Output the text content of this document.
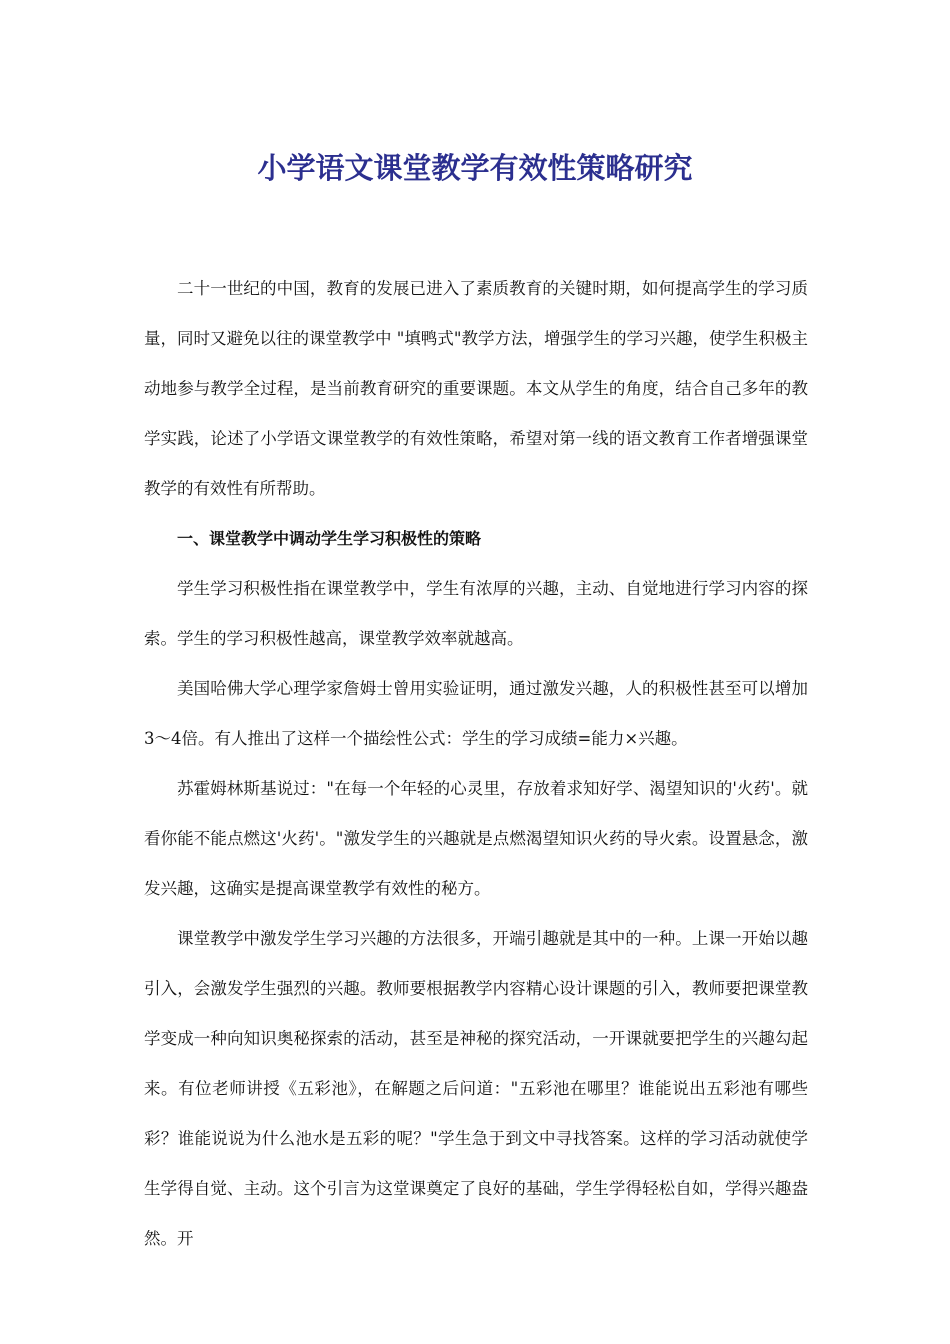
小学语文课堂教学有效性策略研究

二十一世纪的中国，教育的发展已进入了素质教育的关键时期，如何提高学生的学习质量，同时又避免以往的课堂教学中 "填鸭式"教学方法，增强学生的学习兴趣，使学生积极主动地参与教学全过程，是当前教育研究的重要课题。本文从学生的角度，结合自己多年的教学实践，论述了小学语文课堂教学的有效性策略，希望对第一线的语文教育工作者增强课堂教学的有效性有所帮助。

一、课堂教学中调动学生学习积极性的策略

学生学习积极性指在课堂教学中，学生有浓厚的兴趣，主动、自觉地进行学习内容的探索。学生的学习积极性越高，课堂教学效率就越高。

美国哈佛大学心理学家詹姆士曾用实验证明，通过激发兴趣，人的积极性甚至可以增加3～4倍。有人推出了这样一个描绘性公式：学生的学习成绩=能力×兴趣。

苏霍姆林斯基说过："在每一个年轻的心灵里，存放着求知好学、渴望知识的'火药'。就看你能不能点燃这'火药'。"激发学生的兴趣就是点燃渴望知识火药的导火索。设置悬念，激发兴趣，这确实是提高课堂教学有效性的秘方。

课堂教学中激发学生学习兴趣的方法很多，开端引趣就是其中的一种。上课一开始以趣引入，会激发学生强烈的兴趣。教师要根据教学内容精心设计课题的引入，教师要把课堂教学变成一种向知识奥秘探索的活动，甚至是神秘的探究活动，一开课就要把学生的兴趣勾起来。有位老师讲授《五彩池》，在解题之后问道："五彩池在哪里？谁能说出五彩池有哪些彩？谁能说说为什么池水是五彩的呢？"学生急于到文中寻找答案。这样的学习活动就使学生学得自觉、主动。这个引言为这堂课奠定了良好的基础，学生学得轻松自如，学得兴趣盎然。开
